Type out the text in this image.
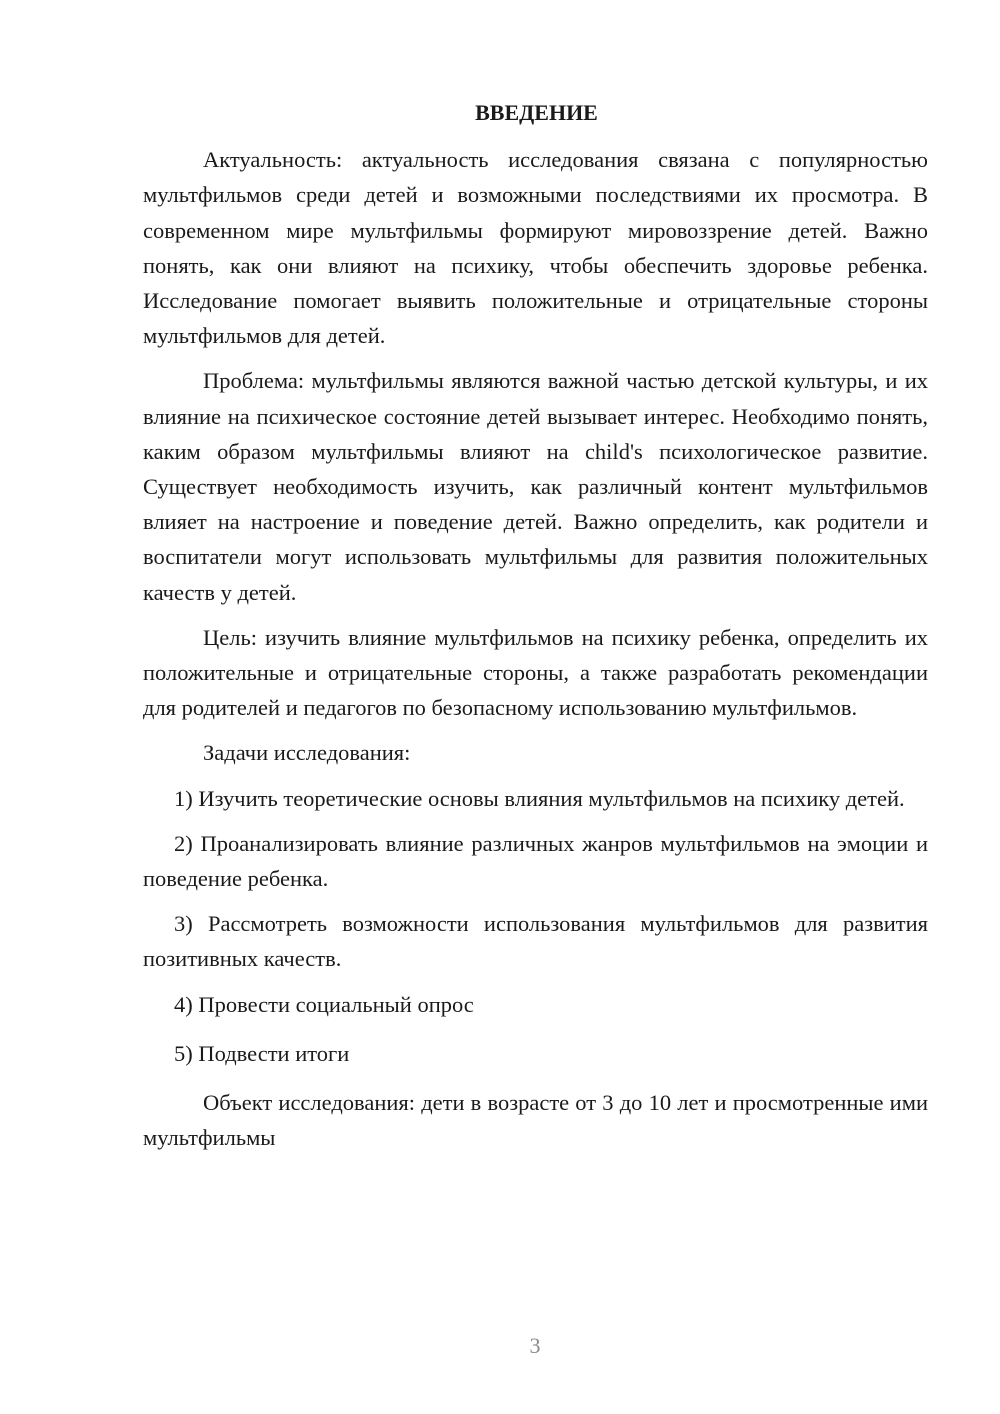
ВВЕДЕНИЕ

Актуальность: актуальность исследования связана с популярностью мультфильмов среди детей и возможными последствиями их просмотра. В современном мире мультфильмы формируют мировоззрение детей. Важно понять, как они влияют на психику, чтобы обеспечить здоровье ребенка. Исследование помогает выявить положительные и отрицательные стороны мультфильмов для детей.

Проблема: мультфильмы являются важной частью детской культуры, и их влияние на психическое состояние детей вызывает интерес. Необходимо понять, каким образом мультфильмы влияют на child's психологическое развитие. Существует необходимость изучить, как различный контент мультфильмов влияет на настроение и поведение детей. Важно определить, как родители и воспитатели могут использовать мультфильмы для развития положительных качеств у детей.

Цель: изучить влияние мультфильмов на психику ребенка, определить их положительные и отрицательные стороны, а также разработать рекомендации для родителей и педагогов по безопасному использованию мультфильмов.

Задачи исследования:

1) Изучить теоретические основы влияния мультфильмов на психику детей.

2) Проанализировать влияние различных жанров мультфильмов на эмоции и поведение ребенка.

3) Рассмотреть возможности использования мультфильмов для развития позитивных качеств.

4) Провести социальный опрос

5) Подвести итоги

Объект исследования: дети в возрасте от 3 до 10 лет и просмотренные ими мультфильмы

3
